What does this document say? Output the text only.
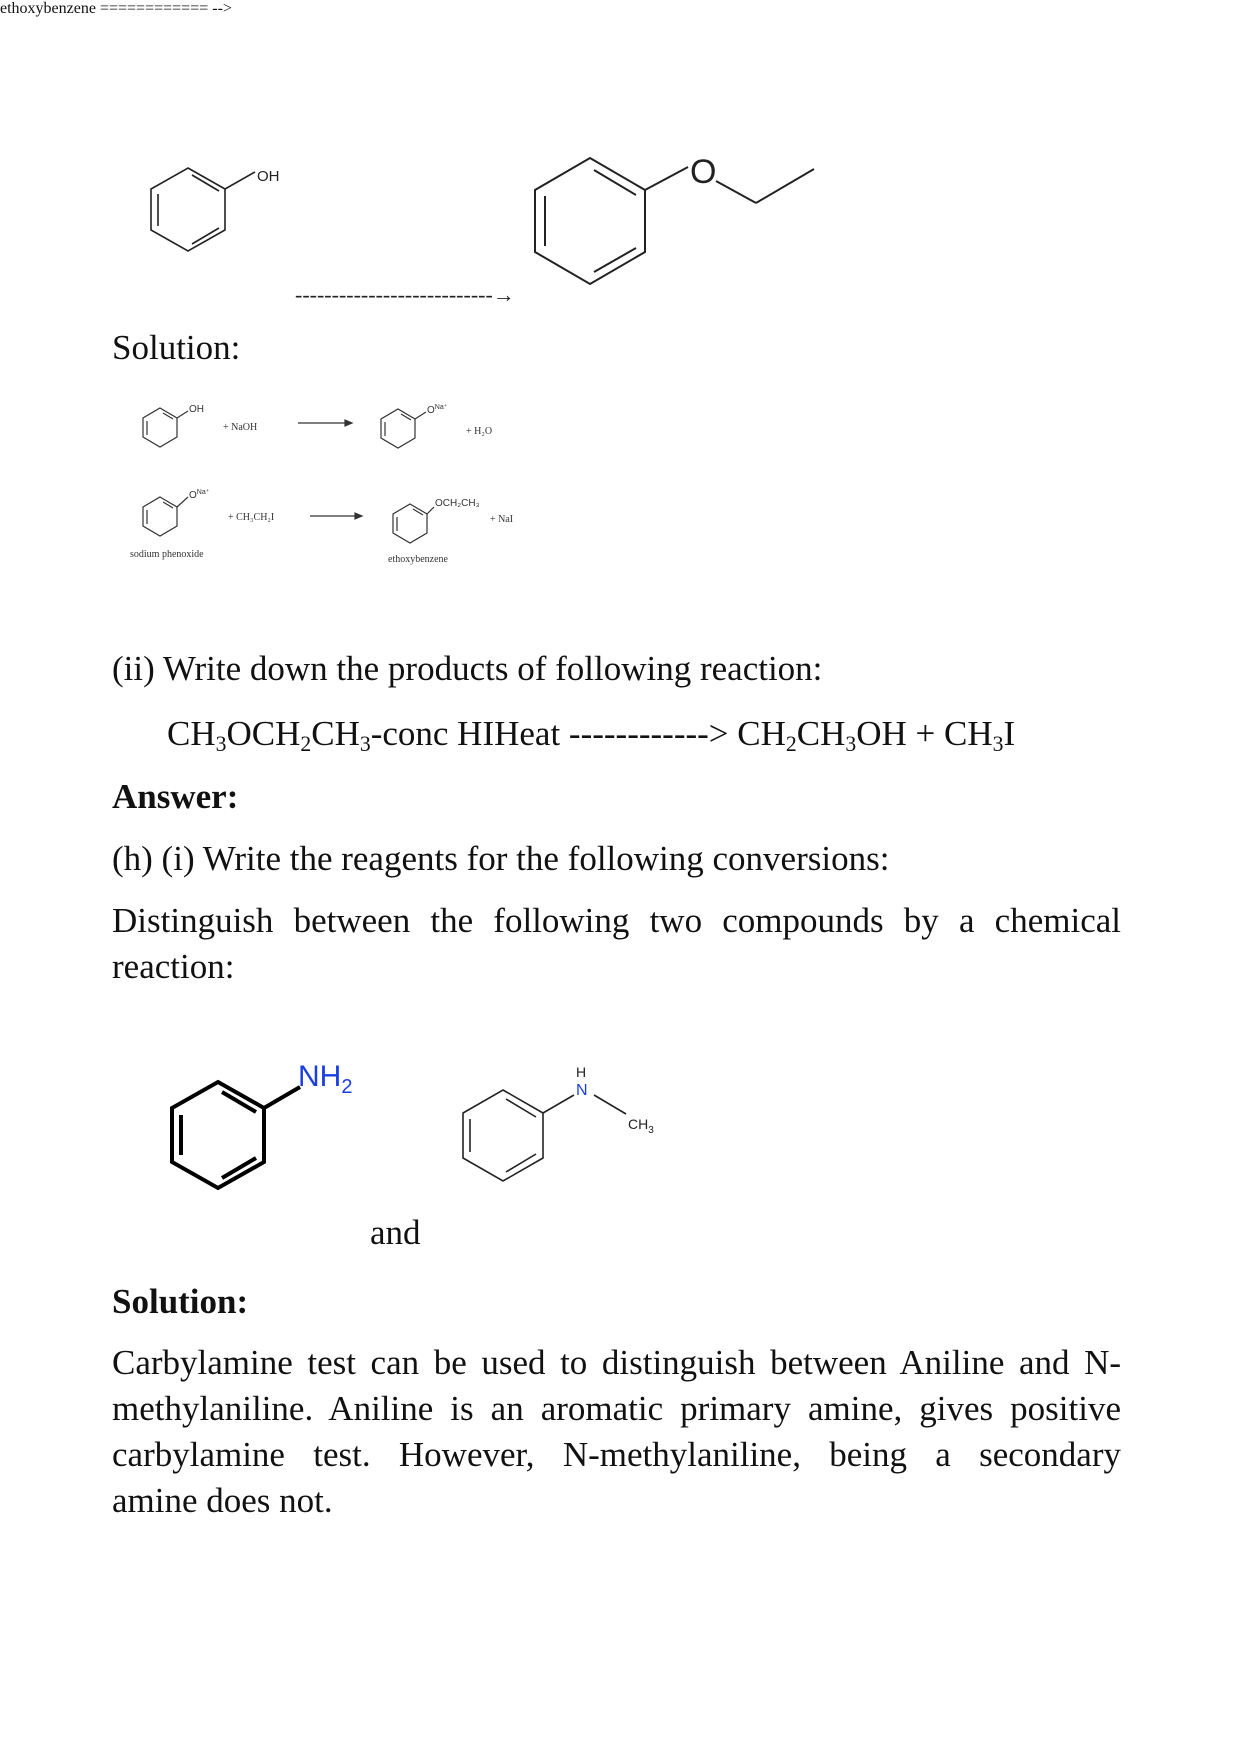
ethoxybenzene ============ -->
OH
---------------------------→
O
Solution:
OH
+ NaOH
$O^{Na^+}$
+ H₂O
$O^{Na^+}$
+ CH₃CH₂I
OCH₂CH₃
+ NaI
sodium phenoxide	ethoxybenzene
(ii) Write down the products of following reaction:
$CH_3OCH_2CH_3$-conc HIHeat ------------> $CH_2CH_3OH + CH_3I$
Answer:
(h) (i) Write the reagents for the following conversions:
Distinguish between the following two compounds by a chemical
reaction:
$NH_2$
H
N
$CH_3$
and
Solution:
Carbylamine test can be used to distinguish between Aniline and N-
methylaniline. Aniline is an aromatic primary amine, gives positive
carbylamine test. However, N-methylaniline, being a secondary
amine does not.
